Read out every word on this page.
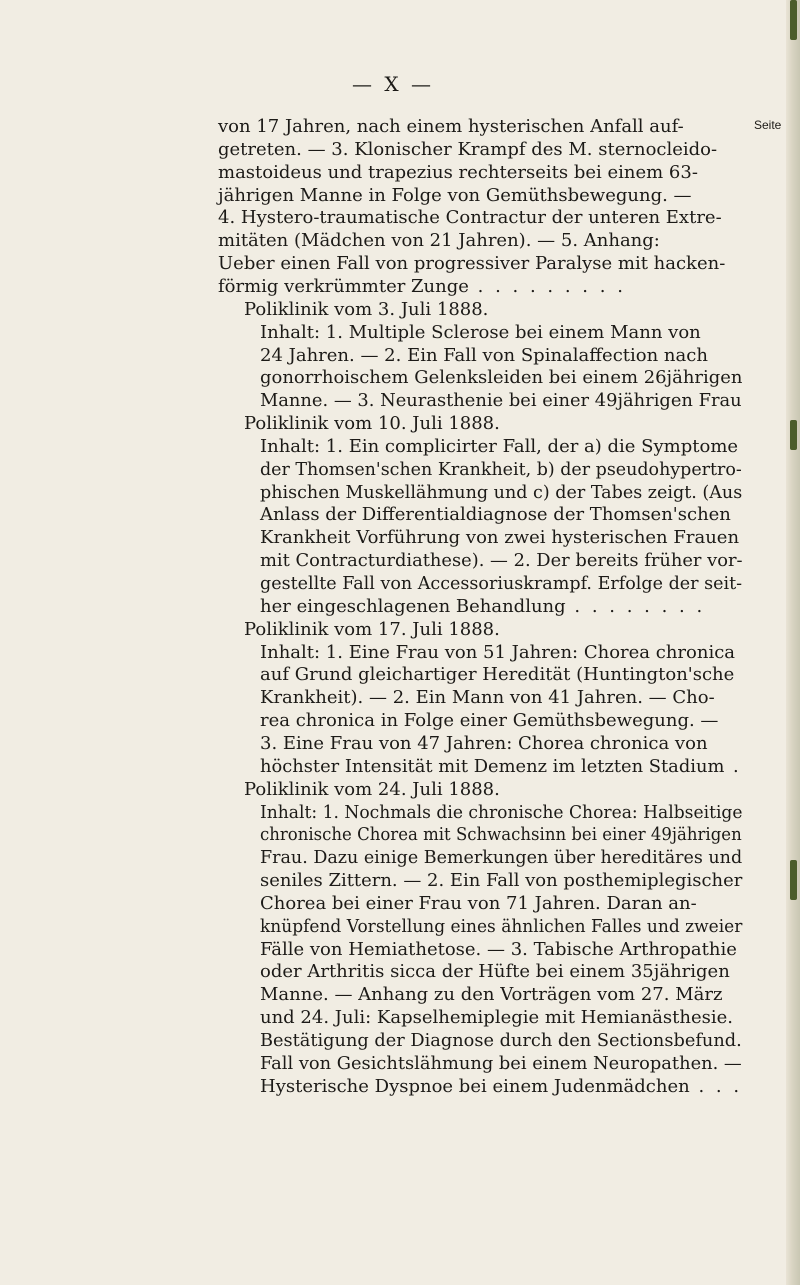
— X —
Seite
von 17 Jahren, nach einem hysterischen Anfall auf-
getreten. — 3. Klonischer Krampf des M. sternocleido-
mastoideus und trapezius rechterseits bei einem 63-
jährigen Manne in Folge von Gemüthsbewegung. —
4. Hystero-traumatische Contractur der unteren Extre-
mitäten (Mädchen von 21 Jahren). — 5. Anhang:
Ueber einen Fall von progressiver Paralyse mit hacken-
förmig verkrümmter Zunge . . . . . . . . .
Poliklinik vom 3. Juli 1888.
Inhalt: 1. Multiple Sclerose bei einem Mann von
24 Jahren. — 2. Ein Fall von Spinalaffection nach
gonorrhoischem Gelenksleiden bei einem 26jährigen
Manne. — 3. Neurasthenie bei einer 49jährigen Frau
Poliklinik vom 10. Juli 1888.
Inhalt: 1. Ein complicirter Fall, der a) die Symptome
der Thomsen'schen Krankheit, b) der pseudohypertro-
phischen Muskellähmung und c) der Tabes zeigt. (Aus
Anlass der Differentialdiagnose der Thomsen'schen
Krankheit Vorführung von zwei hysterischen Frauen
mit Contracturdiathese). — 2. Der bereits früher vor-
gestellte Fall von Accessoriuskrampf. Erfolge der seit-
her eingeschlagenen Behandlung . . . . . . . .
Poliklinik vom 17. Juli 1888.
Inhalt: 1. Eine Frau von 51 Jahren: Chorea chronica
auf Grund gleichartiger Heredität (Huntington'sche
Krankheit). — 2. Ein Mann von 41 Jahren. — Cho-
rea chronica in Folge einer Gemüthsbewegung. —
3. Eine Frau von 47 Jahren: Chorea chronica von
höchster Intensität mit Demenz im letzten Stadium .
Poliklinik vom 24. Juli 1888.
Inhalt: 1. Nochmals die chronische Chorea: Halbseitige
chronische Chorea mit Schwachsinn bei einer 49jährigen
Frau. Dazu einige Bemerkungen über hereditäres und
seniles Zittern. — 2. Ein Fall von posthemiplegischer
Chorea bei einer Frau von 71 Jahren. Daran an-
knüpfend Vorstellung eines ähnlichen Falles und zweier
Fälle von Hemiathetose. — 3. Tabische Arthropathie
oder Arthritis sicca der Hüfte bei einem 35jährigen
Manne. — Anhang zu den Vorträgen vom 27. März
und 24. Juli: Kapselhemiplegie mit Hemianästhesie.
Bestätigung der Diagnose durch den Sectionsbefund.
Fall von Gesichtslähmung bei einem Neuropathen. —
Hysterische Dyspnoe bei einem Judenmädchen . . .
